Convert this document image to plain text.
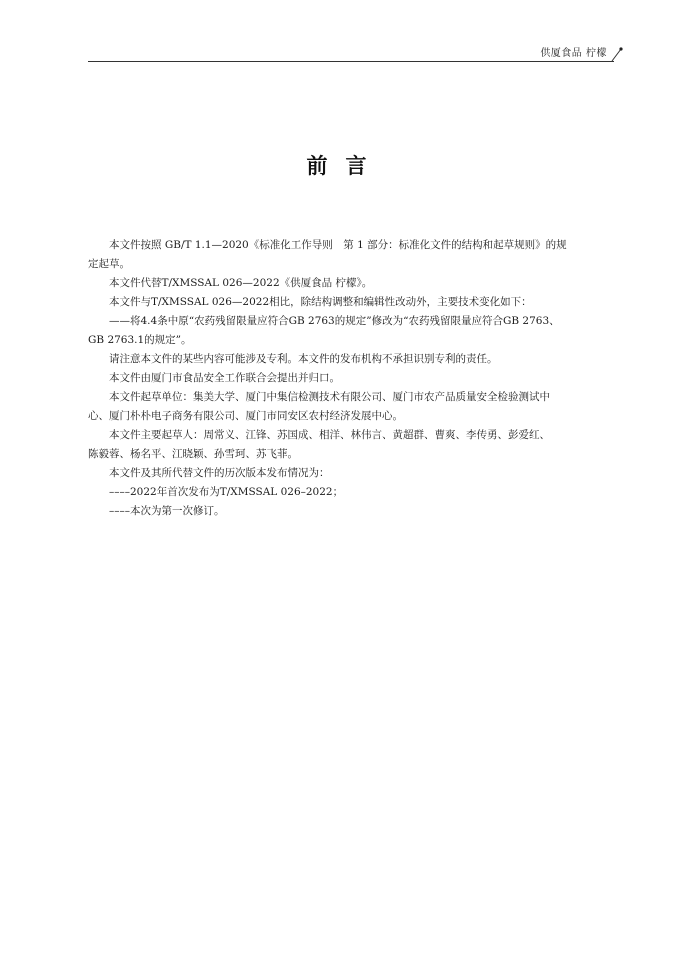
供厦食品 柠檬
前言

本文件按照 GB/T 1.1—2020《标准化工作导则　第 1 部分：标准化文件的结构和起草规则》的规
定起草。

本文件代替T/XMSSAL 026—2022《供厦食品 柠檬》。

本文件与T/XMSSAL 026—2022相比，除结构调整和编辑性改动外，主要技术变化如下：

——将4.4条中原“农药残留限量应符合GB 2763的规定”修改为“农药残留限量应符合GB 2763、
GB 2763.1的规定”。

请注意本文件的某些内容可能涉及专利。本文件的发布机构不承担识别专利的责任。

本文件由厦门市食品安全工作联合会提出并归口。

本文件起草单位：集美大学、厦门中集信检测技术有限公司、厦门市农产品质量安全检验测试中
心、厦门朴朴电子商务有限公司、厦门市同安区农村经济发展中心。

本文件主要起草人：周常义、江锋、苏国成、相洋、林伟言、黄超群、曹爽、李传勇、彭爱红、
陈毅蓉、杨名平、江晓颖、孙雪珂、苏飞菲。

本文件及其所代替文件的历次版本发布情况为：

––––2022年首次发布为T/XMSSAL 026–2022；

––––本次为第一次修订。
